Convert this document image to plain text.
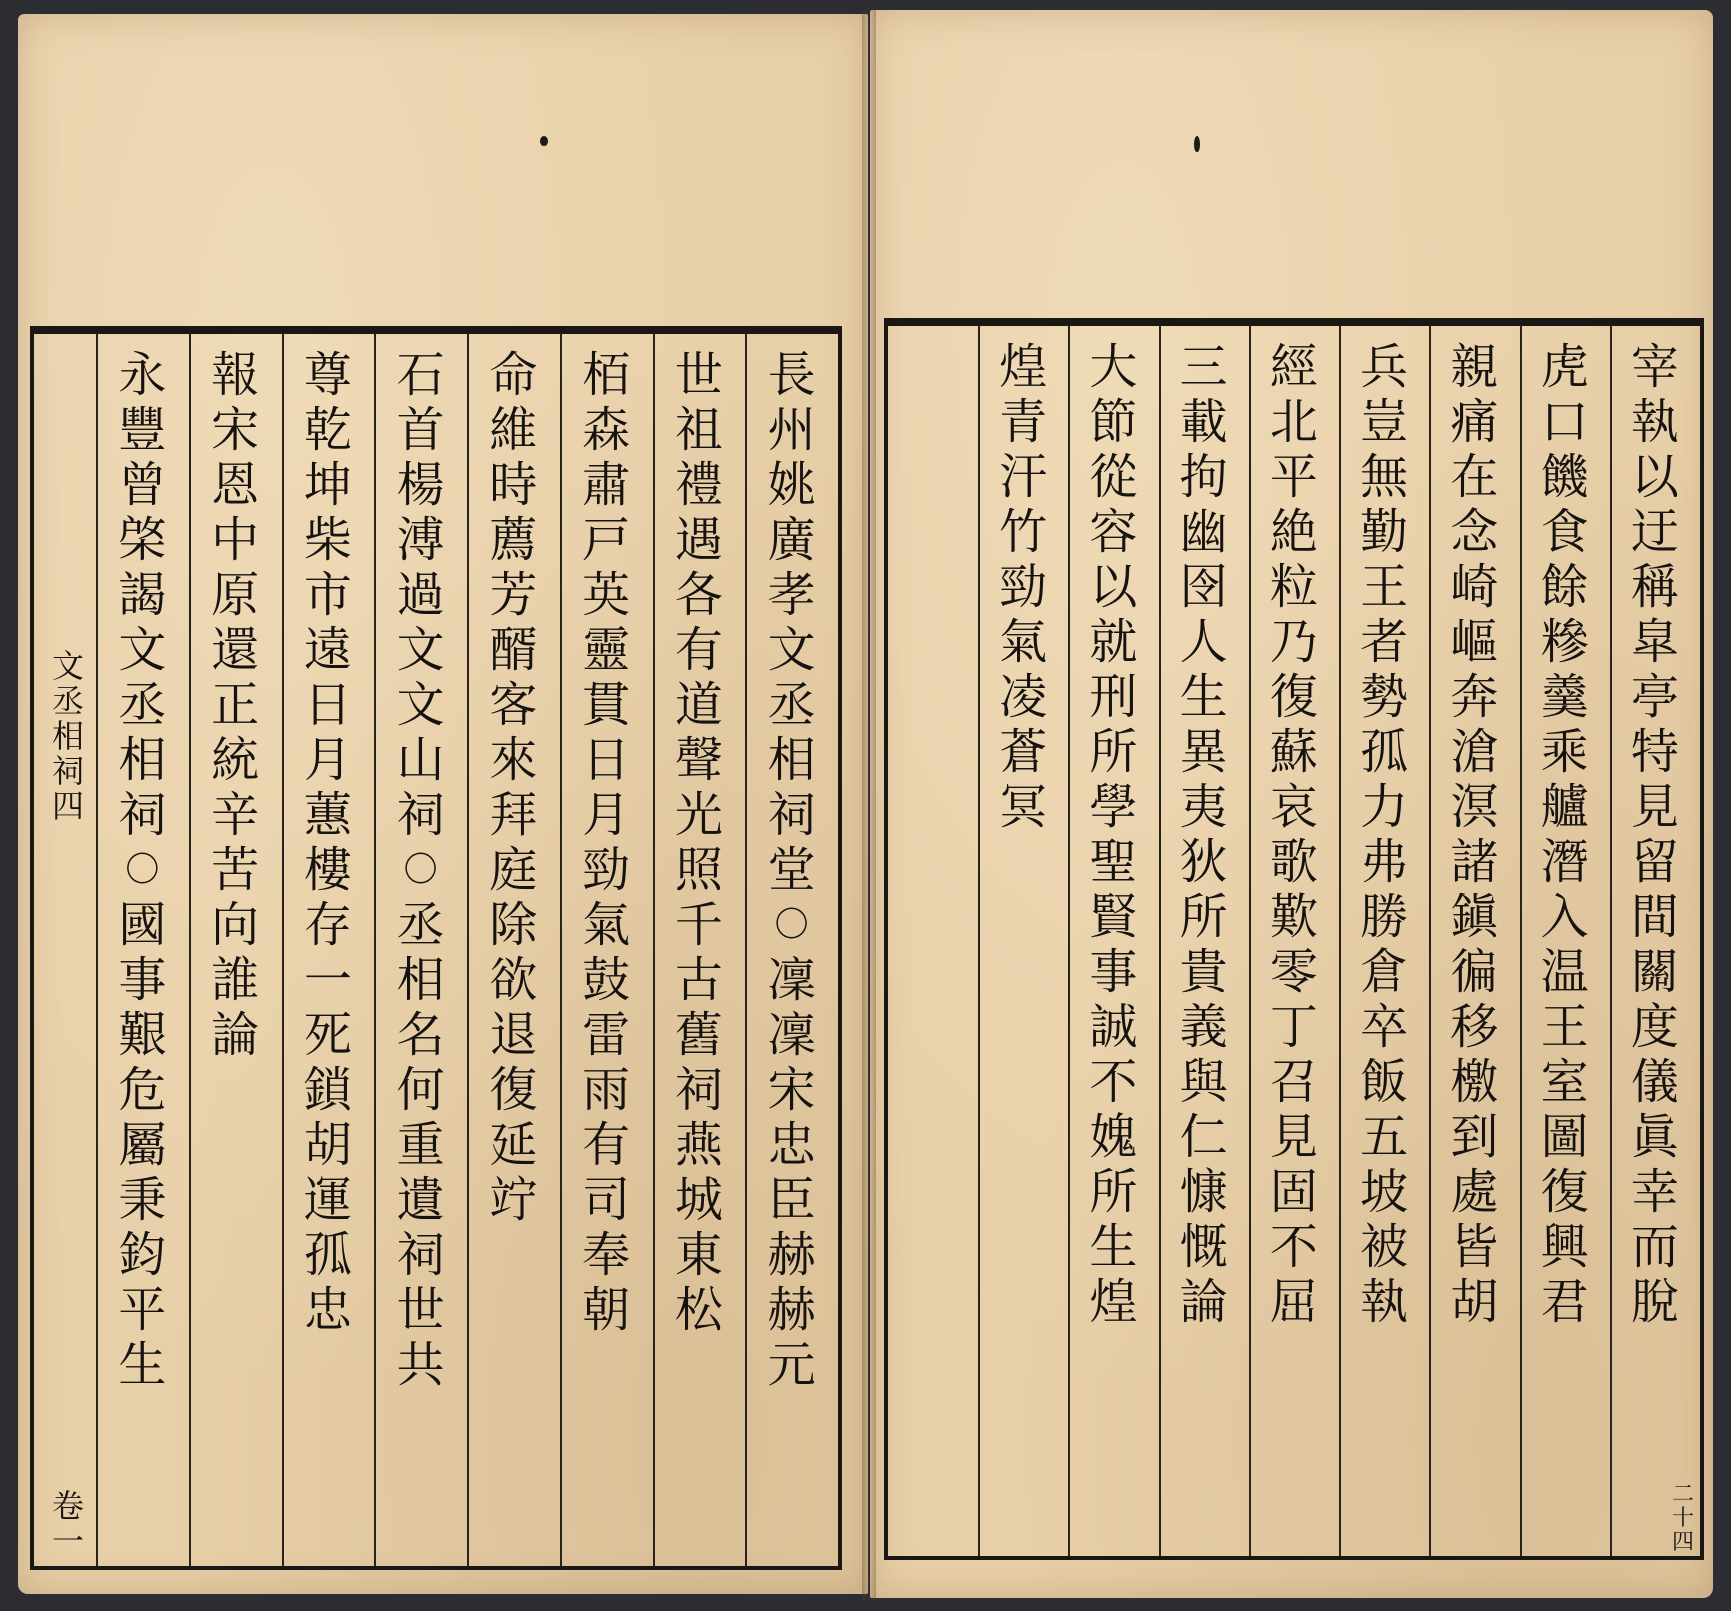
文
丞
相
祠
四
卷
一
二
十
四
長
州
姚
廣
孝
文
丞
相
祠
堂
〇
凜
凜
宋
忠
臣
赫
赫
元
世
祖
禮
遇
各
有
道
聲
光
照
千
古
舊
祠
燕
城
東
松
栢
森
肅
戸
英
靈
貫
日
月
勁
氣
鼓
雷
雨
有
司
奉
朝
命
維
時
薦
芳
醑
客
來
拜
庭
除
欲
退
復
延
竚
石
首
楊
溥
過
文
文
山
祠
〇
丞
相
名
何
重
遺
祠
世
共
尊
乾
坤
柴
市
遠
日
月
蕙
樓
存
一
死
鎖
胡
運
孤
忠
報
宋
恩
中
原
還
正
統
辛
苦
向
誰
論
永
豐
曾
棨
謁
文
丞
相
祠
〇
國
事
艱
危
屬
秉
鈞
平
生
宰
執
以
迂
稱
皐
亭
特
見
留
間
關
度
儀
眞
幸
而
脫
虎
口
饑
食
餘
糝
羹
乘
艫
潛
入
温
王
室
圖
復
興
君
親
痛
在
念
崎
嶇
奔
滄
溟
諸
鎭
徧
移
檄
到
處
皆
胡
兵
豈
無
勤
王
者
勢
孤
力
弗
勝
倉
卒
飯
五
坡
被
執
經
北
平
絶
粒
乃
復
蘇
哀
歌
歎
零
丁
召
見
固
不
屈
三
載
拘
幽
囹
人
生
異
夷
狄
所
貴
義
與
仁
慷
慨
論
大
節
從
容
以
就
刑
所
學
聖
賢
事
誠
不
媿
所
生
煌
煌
青
汗
竹
勁
氣
凌
蒼
冥
